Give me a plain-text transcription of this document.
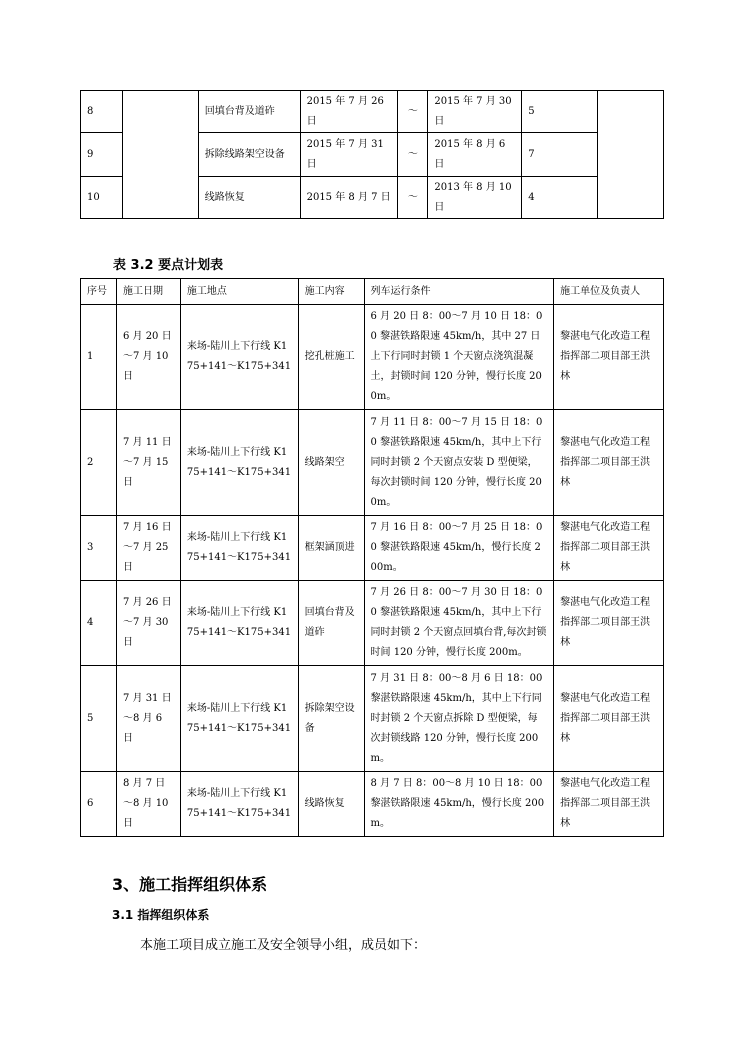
8		回填台背及道砟	2015 年 7 月 26 日	～	2015 年 7 月 30 日	5	
9		拆除线路架空设备	2015 年 7 月 31 日	～	2015 年 8 月 6 日	7	
10		线路恢复	2015 年 8 月 7 日	～	2013 年 8 月 10 日	4	
表 3.2 要点计划表
序号	施工日期	施工地点	施工内容	列车运行条件	施工单位及负责人
1	6 月 20 日～7 月 10 日	来场-陆川上下行线 K175+141～K175+341	挖孔桩施工	6 月 20 日 8：00～7 月 10 日 18：00 黎湛铁路限速 45km/h，其中 27 日上下行同时封锁 1 个天窗点浇筑混凝土，封锁时间 120 分钟，慢行长度 200m。	黎湛电气化改造工程指挥部二项目部王洪林
2	7 月 11 日～7 月 15 日	来场-陆川上下行线 K175+141～K175+341	线路架空	7 月 11 日 8：00～7 月 15 日 18：00 黎湛铁路限速 45km/h，其中上下行同时封锁 2 个天窗点安装 D 型便梁，每次封锁时间 120 分钟，慢行长度 200m。	黎湛电气化改造工程指挥部二项目部王洪林
3	7 月 16 日～7 月 25 日	来场-陆川上下行线 K175+141～K175+341	框架涵顶进	7 月 16 日 8：00～7 月 25 日 18：00 黎湛铁路限速 45km/h，慢行长度 200m。	黎湛电气化改造工程指挥部二项目部王洪林
4	7 月 26 日～7 月 30 日	来场-陆川上下行线 K175+141～K175+341	回填台背及道砟	7 月 26 日 8：00～7 月 30 日 18：00 黎湛铁路限速 45km/h，其中上下行同时封锁 2 个天窗点回填台背,每次封锁时间 120 分钟，慢行长度 200m。	黎湛电气化改造工程指挥部二项目部王洪林
5	7 月 31 日～8 月 6 日	来场-陆川上下行线 K175+141～K175+341	拆除架空设备	7 月 31 日 8：00～8 月 6 日 18：00 黎湛铁路限速 45km/h，其中上下行同时封锁 2 个天窗点拆除 D 型便梁，每次封锁线路 120 分钟，慢行长度 200m。	黎湛电气化改造工程指挥部二项目部王洪林
6	8 月 7 日～8 月 10 日	来场-陆川上下行线 K175+141～K175+341	线路恢复	8 月 7 日 8：00～8 月 10 日 18：00 黎湛铁路限速 45km/h，慢行长度 200m。	黎湛电气化改造工程指挥部二项目部王洪林
3、施工指挥组织体系
3.1 指挥组织体系
本施工项目成立施工及安全领导小组，成员如下：
